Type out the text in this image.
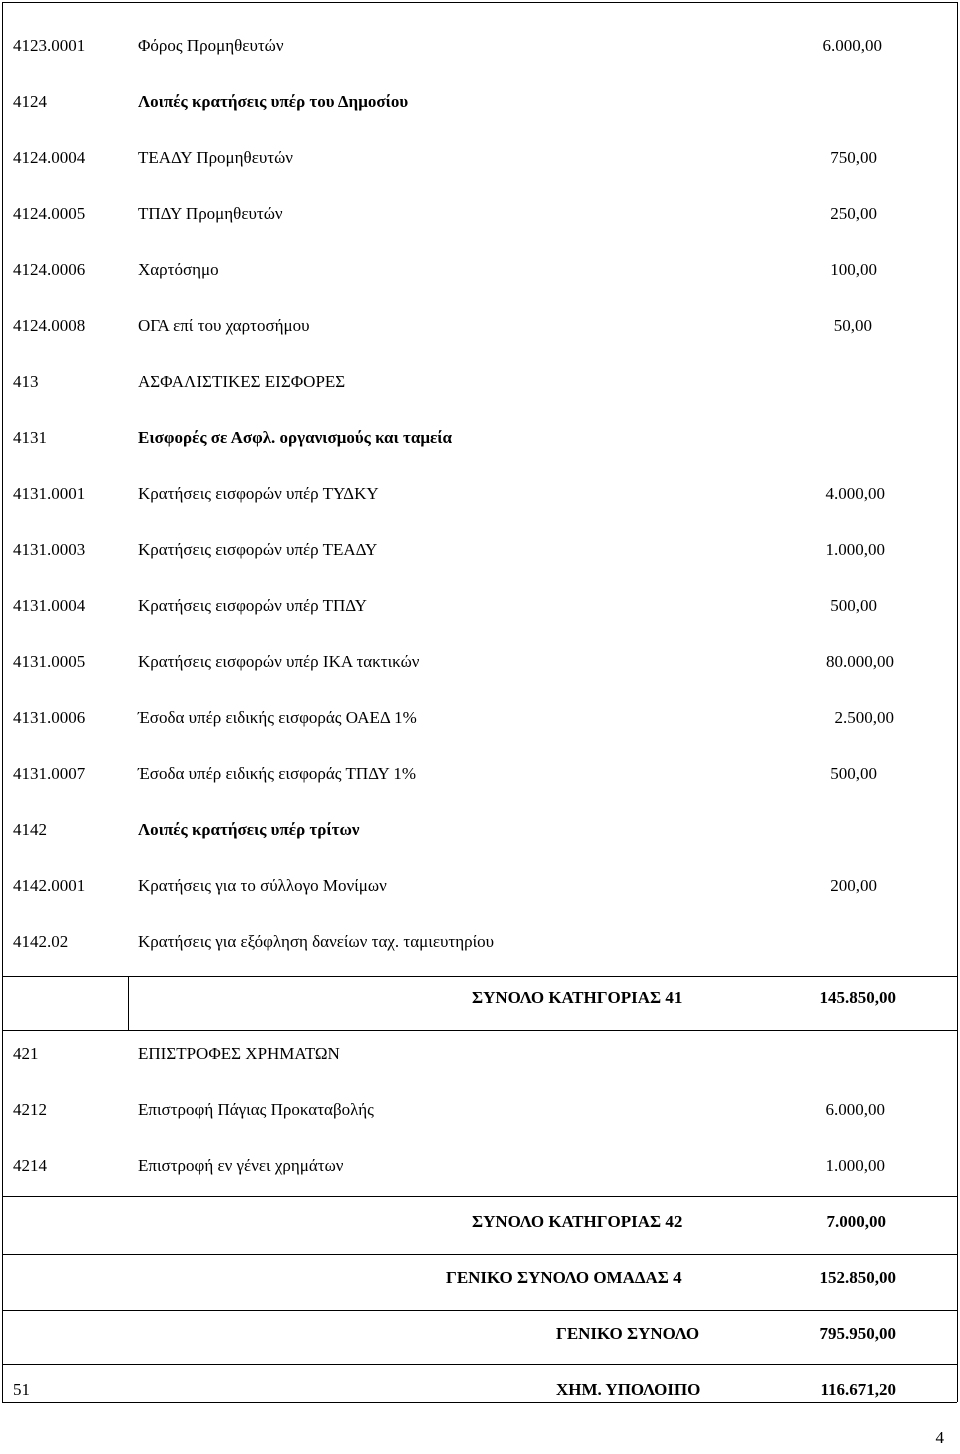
4123.0001	Φόρος Προμηθευτών	6.000,00
4124	Λοιπές κρατήσεις υπέρ του Δημοσίου
4124.0004	ΤΕΑΔΥ Προμηθευτών	750,00
4124.0005	ΤΠΔΥ Προμηθευτών	250,00
4124.0006	Χαρτόσημο	100,00
4124.0008	ΟΓΑ επί του χαρτοσήμου	50,00
413	ΑΣΦΑΛΙΣΤΙΚΕΣ ΕΙΣΦΟΡΕΣ
4131	Εισφορές σε Ασφλ. οργανισμούς και ταμεία
4131.0001	Κρατήσεις εισφορών υπέρ ΤΥΔΚΥ	4.000,00
4131.0003	Κρατήσεις εισφορών υπέρ ΤΕΑΔΥ	1.000,00
4131.0004	Κρατήσεις εισφορών υπέρ ΤΠΔΥ	500,00
4131.0005	Κρατήσεις εισφορών υπέρ ΙΚΑ τακτικών	80.000,00
4131.0006	Έσοδα υπέρ ειδικής εισφοράς ΟΑΕΔ 1%	2.500,00
4131.0007	Έσοδα υπέρ ειδικής εισφοράς ΤΠΔΥ 1%	500,00
4142	Λοιπές κρατήσεις υπέρ τρίτων
4142.0001	Κρατήσεις για το σύλλογο Μονίμων	200,00
4142.02	Κρατήσεις για εξόφληση δανείων ταχ. ταμιευτηρίου
ΣΥΝΟΛΟ ΚΑΤΗΓΟΡΙΑΣ 41	145.850,00
421	ΕΠΙΣΤΡΟΦΕΣ ΧΡΗΜΑΤΩΝ
4212	Επιστροφή Πάγιας Προκαταβολής	6.000,00
4214	Επιστροφή εν γένει χρημάτων	1.000,00
ΣΥΝΟΛΟ ΚΑΤΗΓΟΡΙΑΣ 42	7.000,00
ΓΕΝΙΚΟ ΣΥΝΟΛΟ ΟΜΑΔΑΣ 4	152.850,00
ΓΕΝΙΚΟ ΣΥΝΟΛΟ	795.950,00
51	ΧΗΜ. ΥΠΟΛΟΙΠΟ	116.671,20
4
